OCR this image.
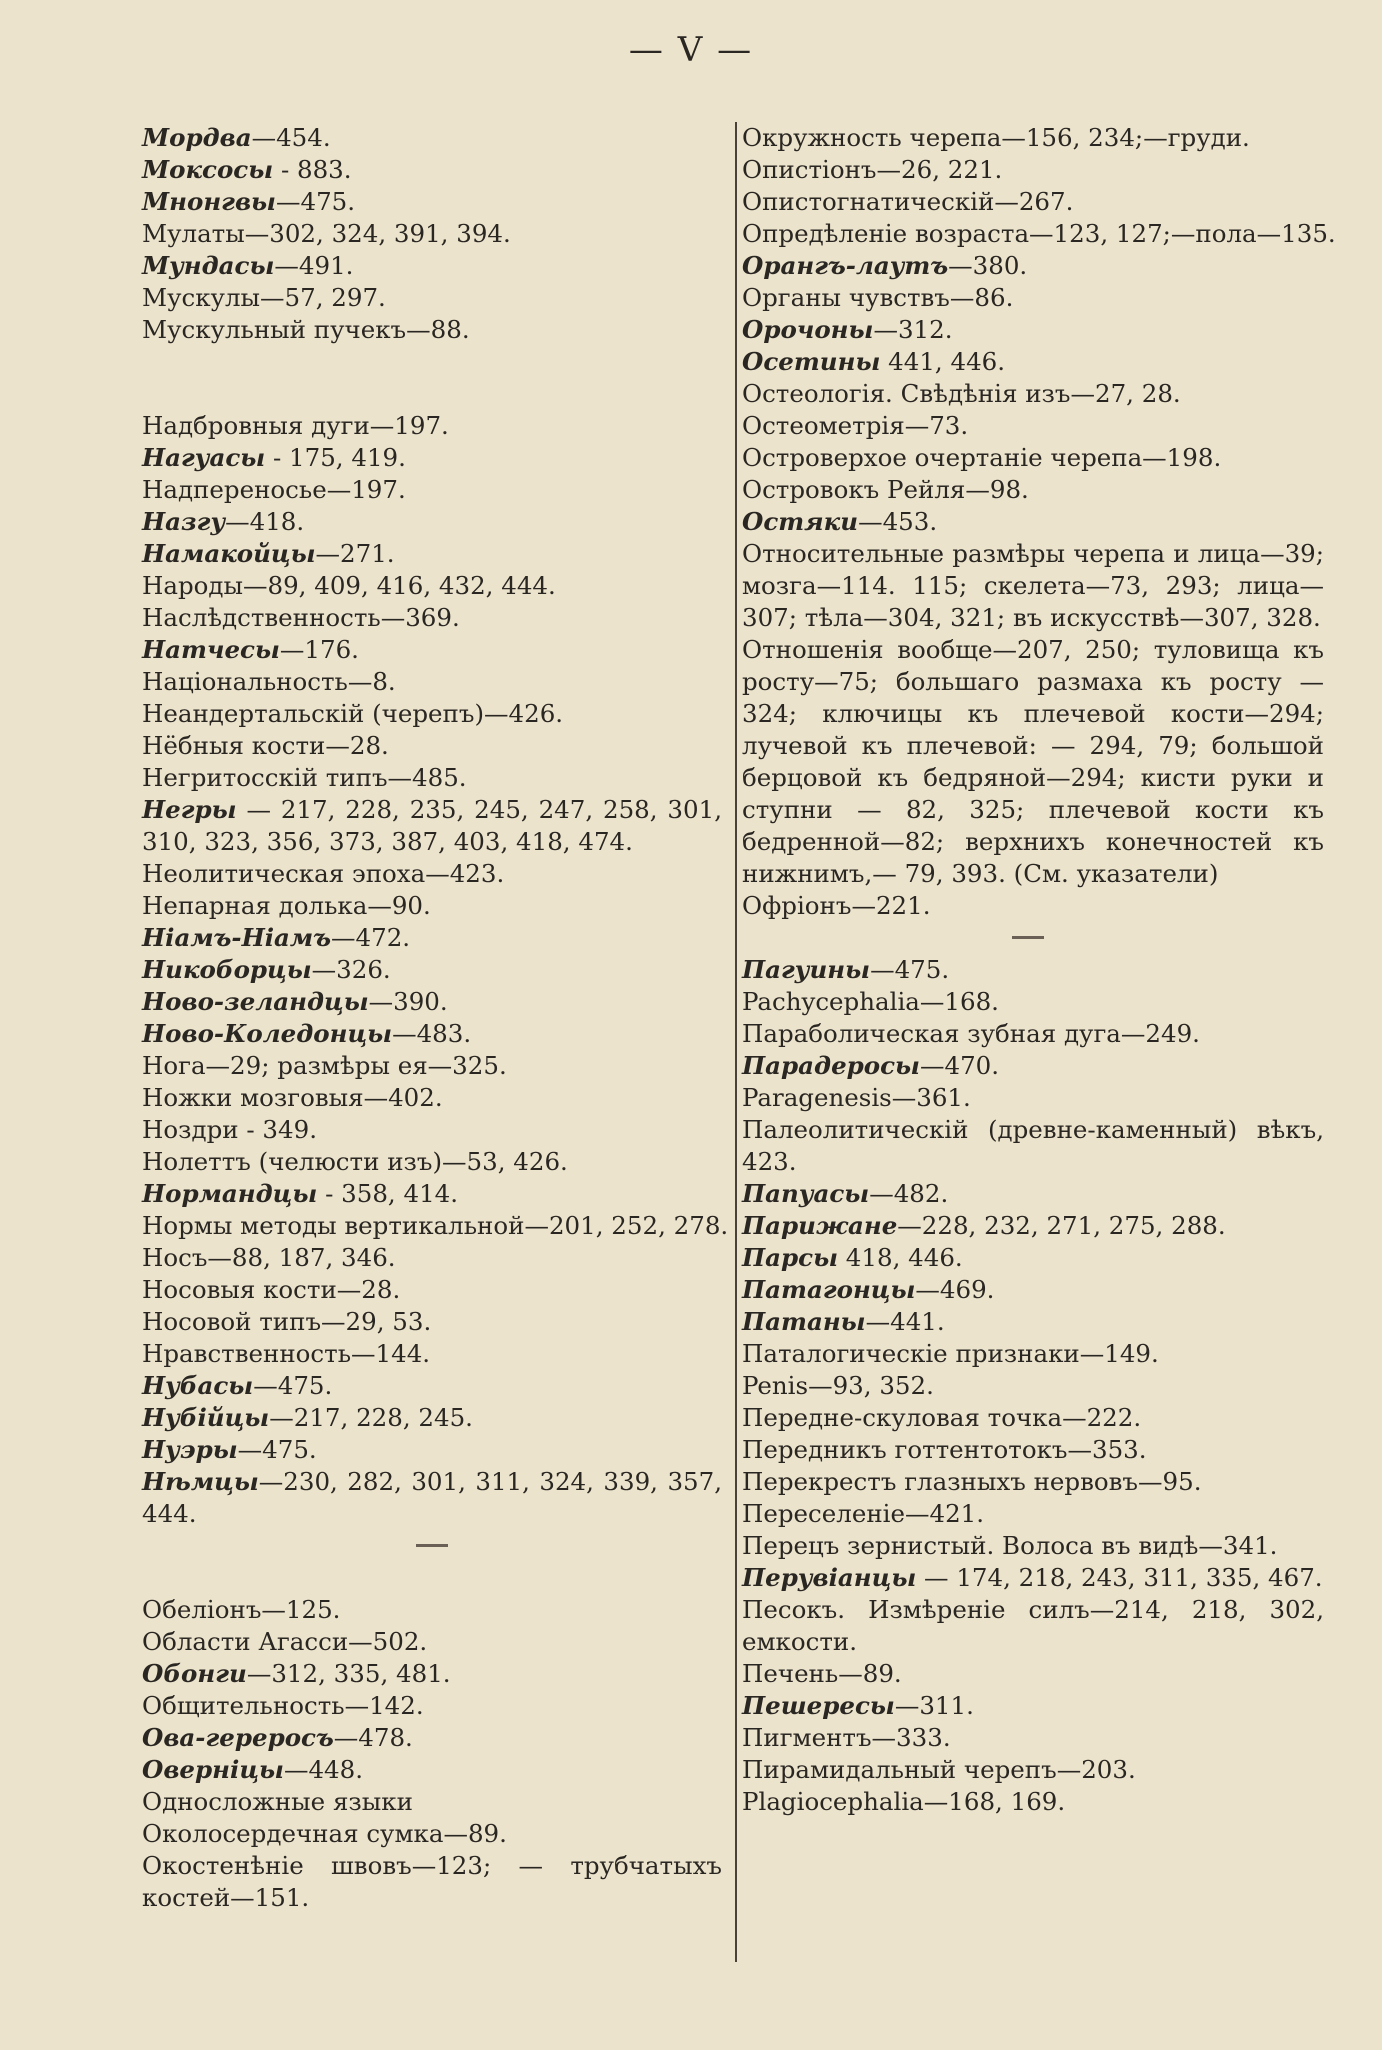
— V —
Мордва—454.
Моксосы - 883.
Мнонгвы—475.
Мулаты—302, 324, 391, 394.
Мундасы—491.
Мускулы—57, 297.
Мускульный пучекъ—88.
Надбровныя дуги—197.
Нагуасы - 175, 419.
Надпереносье—197.
Назгу—418.
Намакойцы—271.
Народы—89, 409, 416, 432, 444.
Наслѣдственность—369.
Натчесы—176.
Національность—8.
Неандертальскій (черепъ)—426.
Нёбныя кости—28.
Негритосскій типъ—485.
Негры — 217, 228, 235, 245, 247, 258, 301, 310, 323, 356, 373, 387, 403, 418, 474.
Неолитическая эпоха—423.
Непарная долька—90.
Ніамъ-Ніамъ—472.
Никоборцы—326.
Ново-зеландцы—390.
Ново-Коледонцы—483.
Нога—29; размѣры ея—325.
Ножки мозговыя—402.
Ноздри - 349.
Нолеттъ (челюсти изъ)—53, 426.
Нормандцы - 358, 414.
Нормы методы вертикальной—201, 252, 278.
Носъ—88, 187, 346.
Носовыя кости—28.
Носовой типъ—29, 53.
Нравственность—144.
Нубасы—475.
Нубійцы—217, 228, 245.
Нуэры—475.
Нѣмцы—230, 282, 301, 311, 324, 339, 357, 444.
Обеліонъ—125.
Области Агасси—502.
Обонги—312, 335, 481.
Общительность—142.
Ова-гереросъ—478.
Оверніцы—448.
Односложные языки
Околосердечная сумка—89.
Окостенѣніе швовъ—123; — трубчатыхъ костей—151.
Окружность черепа—156, 234;—груди.
Опистіонъ—26, 221.
Опистогнатическій—267.
Опредѣленіе возраста—123, 127;—пола—135.
Орангъ-лаутъ—380.
Органы чувствъ—86.
Орочоны—312.
Осетины 441, 446.
Остеологія. Свѣдѣнія изъ—27, 28.
Остеометрія—73.
Островерхое очертаніе черепа—198.
Островокъ Рейля—98.
Остяки—453.
Относительные размѣры черепа и лица—39; мозга—114. 115; скелета—73, 293; лица—307; тѣла—304, 321; въ искусствѣ—307, 328.
Отношенія вообще—207, 250; туловища къ росту—75; большаго размаха къ росту — 324; ключицы къ плечевой кости—294; лучевой къ плечевой: — 294, 79; большой берцовой къ бедряной—294; кисти руки и ступни — 82, 325; плечевой кости къ бедренной—82; верхнихъ конечностей къ нижнимъ,— 79, 393. (См. указатели)
Офріонъ—221.
Пагуины—475.
Pachycephalia—168.
Параболическая зубная дуга—249.
Парадеросы—470.
Paragenesis—361.
Палеолитическій (древне-каменный) вѣкъ, 423.
Папуасы—482.
Парижане—228, 232, 271, 275, 288.
Парсы 418, 446.
Патагонцы—469.
Патаны—441.
Паталогическіе признаки—149.
Penis—93, 352.
Передне-скуловая точка—222.
Передникъ готтентотокъ—353.
Перекрестъ глазныхъ нервовъ—95.
Переселеніе—421.
Перецъ зернистый. Волоса въ видѣ—341.
Перувіанцы — 174, 218, 243, 311, 335, 467.
Песокъ. Измѣреніе силъ—214, 218, 302, емкости.
Печень—89.
Пешересы—311.
Пигментъ—333.
Пирамидальный черепъ—203.
Plagiocephalia—168, 169.
